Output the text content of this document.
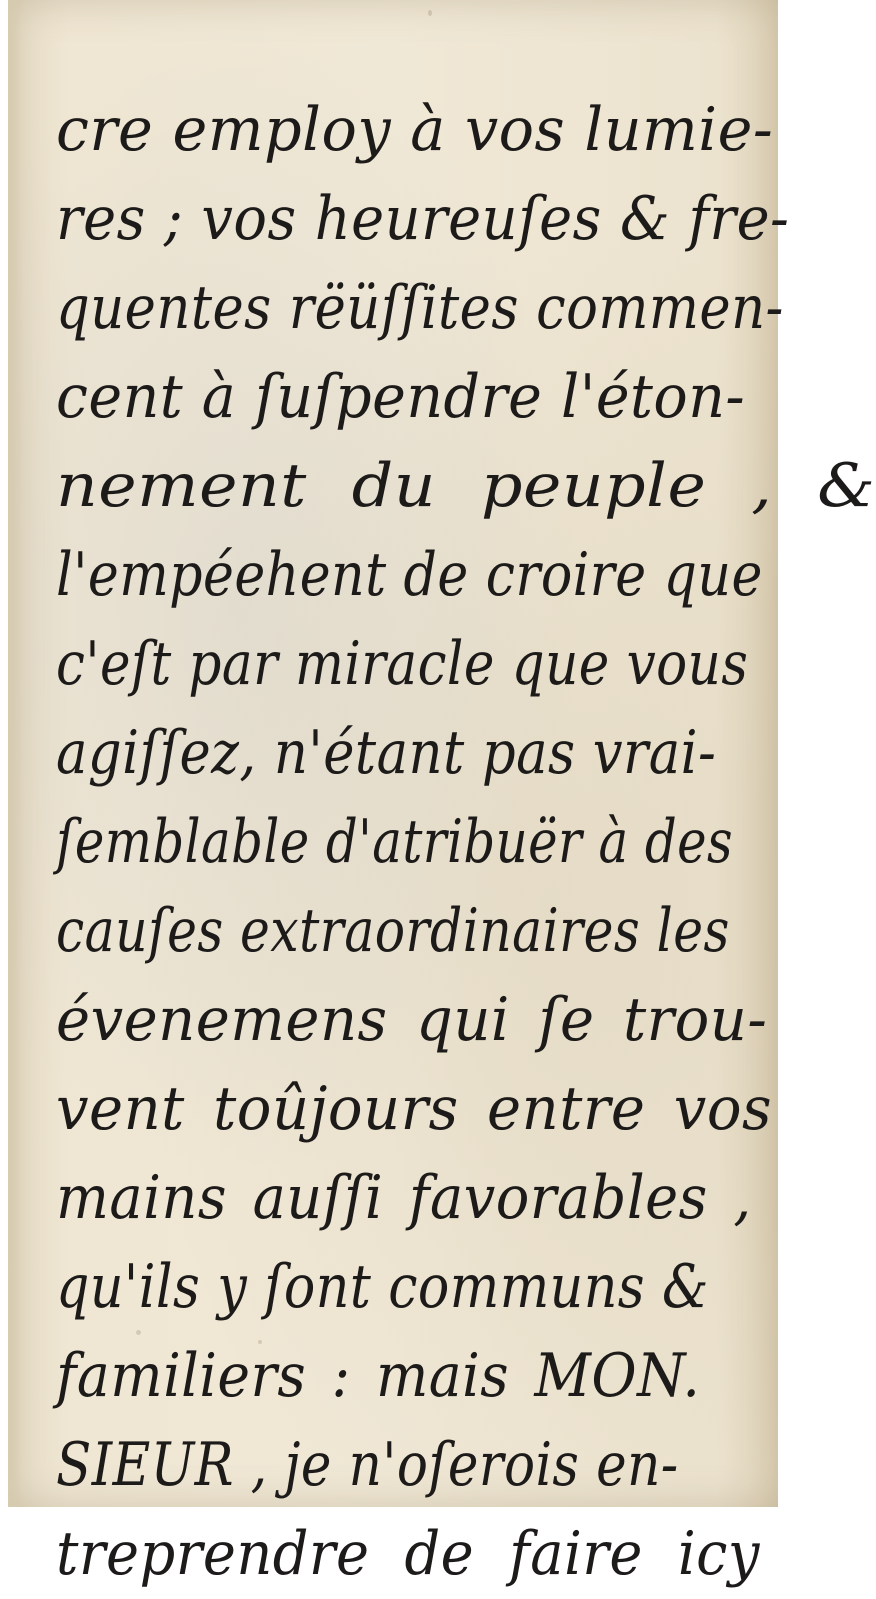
cre employ à vos lumie-
res ; vos heureuſes & fre-
quentes rëüſſites commen-
cent à ſuſpendre l'éton-
nement du peuple , &
l'empéehent de croire que
c'eſt par miracle que vous
agiſſez, n'étant pas vrai-
ſemblable d'atribuër à des
cauſes extraordinaires les
évenemens qui ſe trou-
vent toûjours entre vos
mains auſſi favorables ,
qu'ils y ſont communs &
familiers : mais MON.
SIEUR , je n'oſerois en-
treprendre de faire icy
